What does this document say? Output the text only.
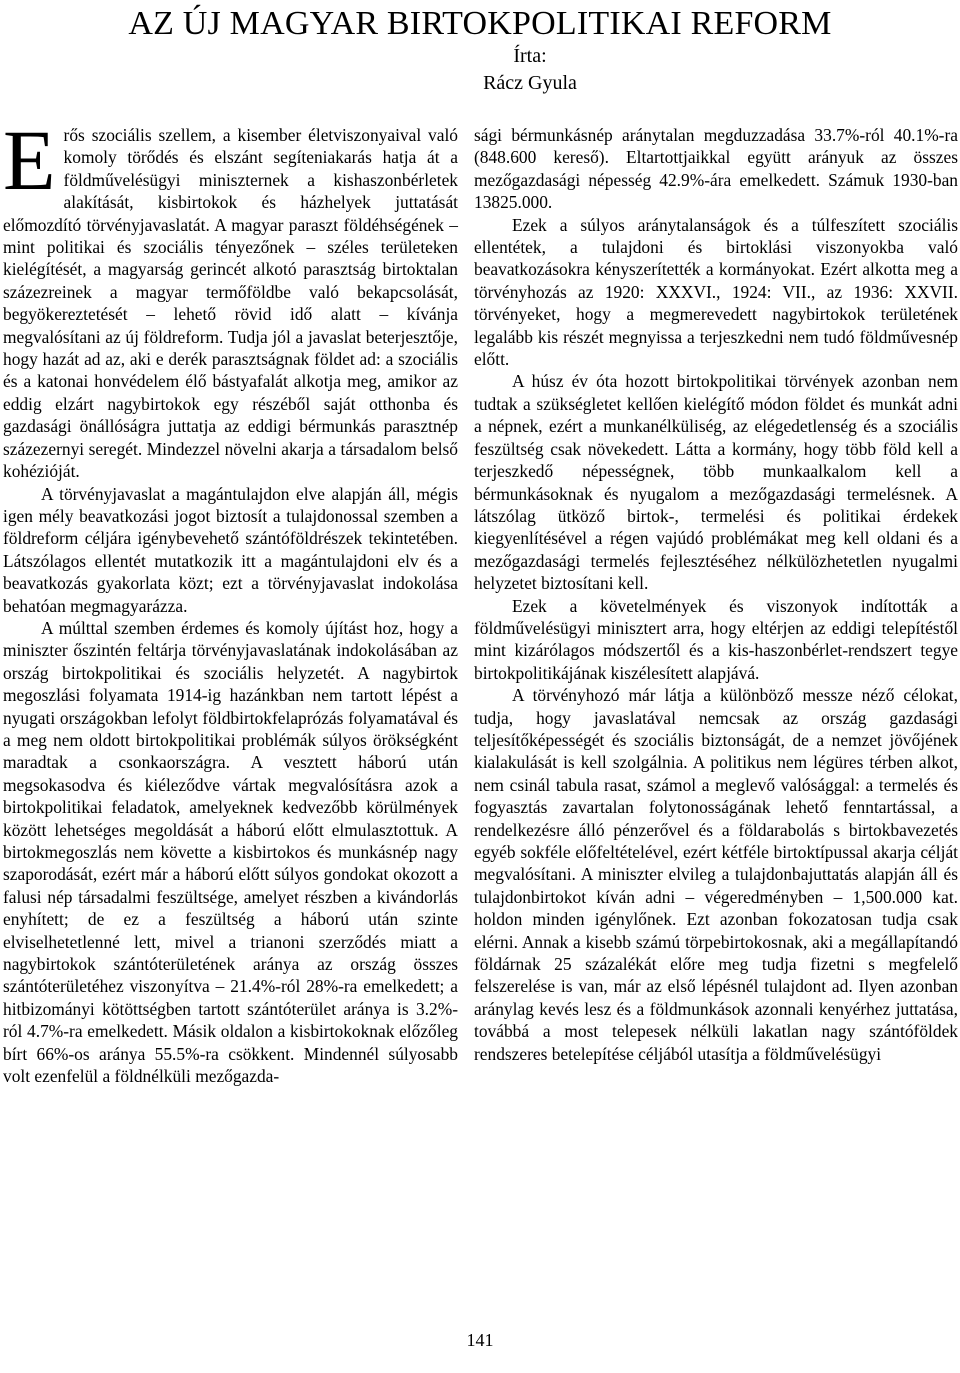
AZ ÚJ MAGYAR BIRTOKPOLITIKAI REFORM
Írta:
Rácz Gyula

Erős szociális szellem, a kisember életviszonyaival való komoly törődés és elszánt segíteniakarás hatja át a földművelésügyi miniszternek a kishaszonbérletek alakítását, kisbirtokok és házhelyek juttatását előmozdító törvényjavaslatát. A magyar paraszt földéhségének – mint politikai és szociális tényezőnek – széles területeken kielégítését, a magyarság gerincét alkotó parasztság birtoktalan százezreinek a magyar termőföldbe való bekapcsolását, begyökereztetését – lehető rövid idő alatt – kívánja megvalósítani az új földreform. Tudja jól a javaslat beterjesztője, hogy hazát ad az, aki e derék parasztságnak földet ad: a szociális és a katonai honvédelem élő bástyafalát alkotja meg, amikor az eddig elzárt nagybirtokok egy részéből saját otthonba és gazdasági önállóságra juttatja az eddigi bérmunkás parasztnép százezernyi seregét. Mindezzel növelni akarja a társadalom belső kohézióját.

A törvényjavaslat a magántulajdon elve alapján áll, mégis igen mély beavatkozási jogot biztosít a tulajdonossal szemben a földreform céljára igénybevehető szántóföldrészek tekintetében. Látszólagos ellentét mutatkozik itt a magántulajdoni elv és a beavatkozás gyakorlata közt; ezt a törvényjavaslat indokolása behatóan megmagyarázza.

A múlttal szemben érdemes és komoly újítást hoz, hogy a miniszter őszintén feltárja törvényjavaslatának indokolásában az ország birtokpolitikai és szociális helyzetét. A nagybirtok megoszlási folyamata 1914-ig hazánkban nem tartott lépést a nyugati országokban lefolyt földbirtokfelaprózás folyamatával és a meg nem oldott birtokpolitikai problémák súlyos örökségként maradtak a csonkaországra. A vesztett háború után megsokasodva és kiéleződve vártak megvalósításra azok a birtokpolitikai feladatok, amelyeknek kedvezőbb körülmények között lehetséges megoldását a háború előtt elmulasztottuk. A birtokmegoszlás nem követte a kisbirtokos és munkásnép nagy szaporodását, ezért már a háború előtt súlyos gondokat okozott a falusi nép társadalmi feszültsége, amelyet részben a kivándorlás enyhített; de ez a feszültség a háború után szinte elviselhetetlenné lett, mivel a trianoni szerződés miatt a nagybirtokok szántóterületének aránya az ország összes szántóterületéhez viszonyítva – 21.4%-ról 28%-ra emelkedett; a hitbizományi kötöttségben tartott szántóterület aránya is 3.2%-ról 4.7%-ra emelkedett. Másik oldalon a kisbirtokoknak előzőleg bírt 66%-os aránya 55.5%-ra csökkent. Mindennél súlyosabb volt ezenfelül a földnélküli mezőgazda-

sági bérmunkásnép aránytalan megduzzadása 33.7%-ról 40.1%-ra (848.600 kereső). Eltartottjaikkal együtt arányuk az összes mezőgazdasági népesség 42.9%-ára emelkedett. Számuk 1930-ban 13825.000.

Ezek a súlyos aránytalanságok és a túlfeszített szociális ellentétek, a tulajdoni és birtoklási viszonyokba való beavatkozásokra kényszerítették a kormányokat. Ezért alkotta meg a törvényhozás az 1920: XXXVI., 1924: VII., az 1936: XXVII. törvényeket, hogy a megmerevedett nagybirtokok területének legalább kis részét megnyissa a terjeszkedni nem tudó földművesnép előtt.

A húsz év óta hozott birtokpolitikai törvények azonban nem tudtak a szükségletet kellően kielégítő módon földet és munkát adni a népnek, ezért a munkanélküliség, az elégedetlenség és a szociális feszültség csak növekedett. Látta a kormány, hogy több föld kell a terjeszkedő népességnek, több munkaalkalom kell a bérmunkásoknak és nyugalom a mezőgazdasági termelésnek. A látszólag ütköző birtok-, termelési és politikai érdekek kiegyenlítésével a régen vajúdó problémákat meg kell oldani és a mezőgazdasági termelés fejlesztéséhez nélkülözhetetlen nyugalmi helyzetet biztosítani kell.

Ezek a követelmények és viszonyok indították a földművelésügyi minisztert arra, hogy eltérjen az eddigi telepítéstől mint kizárólagos módszertől és a kis-haszonbérlet-rendszert tegye birtokpolitikájának kiszélesített alapjává.

A törvényhozó már látja a különböző messze néző célokat, tudja, hogy javaslatával nemcsak az ország gazdasági teljesítőképességét és szociális biztonságát, de a nemzet jövőjének kialakulását is kell szolgálnia. A politikus nem légüres térben alkot, nem csinál tabula rasat, számol a meglevő valósággal: a termelés és fogyasztás zavartalan folytonosságának lehető fenntartással, a rendelkezésre álló pénzerővel és a földarabolás s birtokbavezetés egyéb sokféle előfeltételével, ezért kétféle birtoktípussal akarja célját megvalósítani. A miniszter elvileg a tulajdonbajuttatás alapján áll és tulajdonbirtokot kíván adni – végeredményben – 1,500.000 kat. holdon minden igénylőnek. Ezt azonban fokozatosan tudja csak elérni. Annak a kisebb számú törpebirtokosnak, aki a megállapítandó földárnak 25 százalékát előre meg tudja fizetni s megfelelő felszerelése is van, már az első lépésnél tulajdont ad. Ilyen azonban aránylag kevés lesz és a földmunkások azonnali kenyérhez juttatása, továbbá a most telepesek nélküli lakatlan nagy szántóföldek rendszeres betelepítése céljából utasítja a földművelésügyi

141
